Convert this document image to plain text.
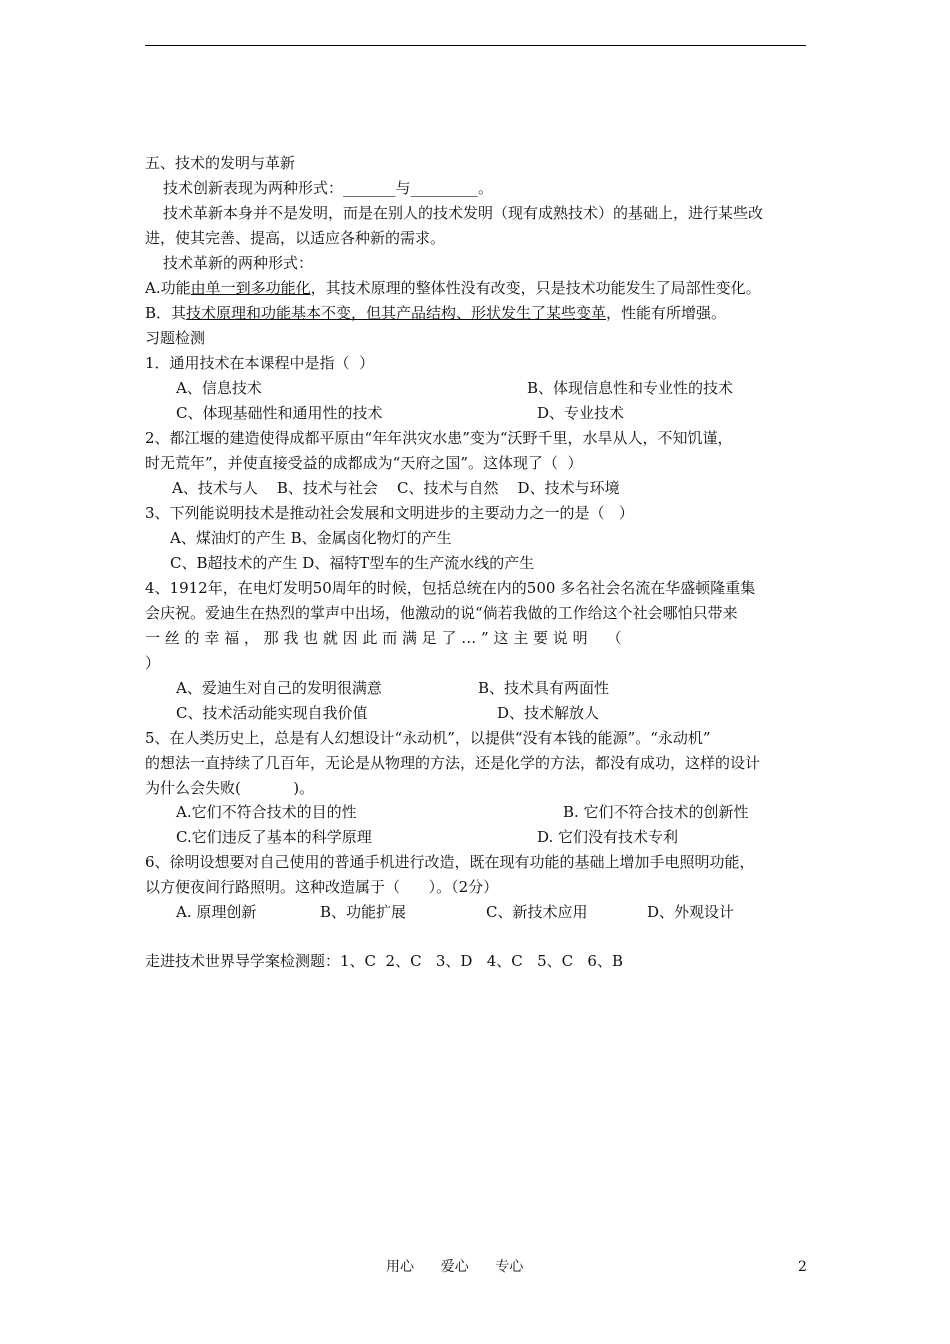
五、技术的发明与革新
技术创新表现为两种形式：_______与_________。
技术革新本身并不是发明，而是在别人的技术发明（现有成熟技术）的基础上，进行某些改
进，使其完善、提高，以适应各种新的需求。
技术革新的两种形式：
A.功能由单一到多功能化，其技术原理的整体性没有改变，只是技术功能发生了局部性变化。
B．其技术原理和功能基本不变，但其产品结构、形状发生了某些变革，性能有所增强。
习题检测
1．通用技术在本课程中是指（  ）
A、信息技术	B、体现信息性和专业性的技术
C、体现基础性和通用性的技术	D、专业技术
2、都江堰的建造使得成都平原由“年年洪灾水患”变为“沃野千里，水旱从人，不知饥谨，
时无荒年”，并使直接受益的成都成为“天府之国”。这体现了（  ）
A、技术与人    B、技术与社会    C、技术与自然    D、技术与环境
3、下列能说明技术是推动社会发展和文明进步的主要动力之一的是（   ）
A、煤油灯的产生 B、金属卤化物灯的产生
C、B超技术的产生 D、福特T型车的生产流水线的产生
4、1912年，在电灯发明50周年的时候，包括总统在内的500 多名社会名流在华盛顿隆重集
会庆祝。爱迪生在热烈的掌声中出场，他激动的说“倘若我做的工作给这个社会哪怕只带来
一 丝 的 幸 福 ， 那 我 也 就 因 此 而 满 足 了 … ” 这 主 要 说 明    （
）
A、爱迪生对自己的发明很满意	B、技术具有两面性
C、技术活动能实现自我价值	D、技术解放人
5、在人类历史上，总是有人幻想设计“永动机”，以提供“没有本钱的能源”。“永动机”
的想法一直持续了几百年，无论是从物理的方法，还是化学的方法，都没有成功，这样的设计
为什么会失败(           )。
A.它们不符合技术的目的性	B. 它们不符合技术的创新性
C.它们违反了基本的科学原理	D. 它们没有技术专利
6、徐明设想要对自己使用的普通手机进行改造，既在现有功能的基础上增加手电照明功能，
以方便夜间行路照明。这种改造属于（      ）。（2分）
A. 原理创新	B、功能扩展	C、新技术应用	D、外观设计
走进技术世界导学案检测题：1、C  2、C   3、D   4、C   5、C   6、B
用心      爱心      专心	2
